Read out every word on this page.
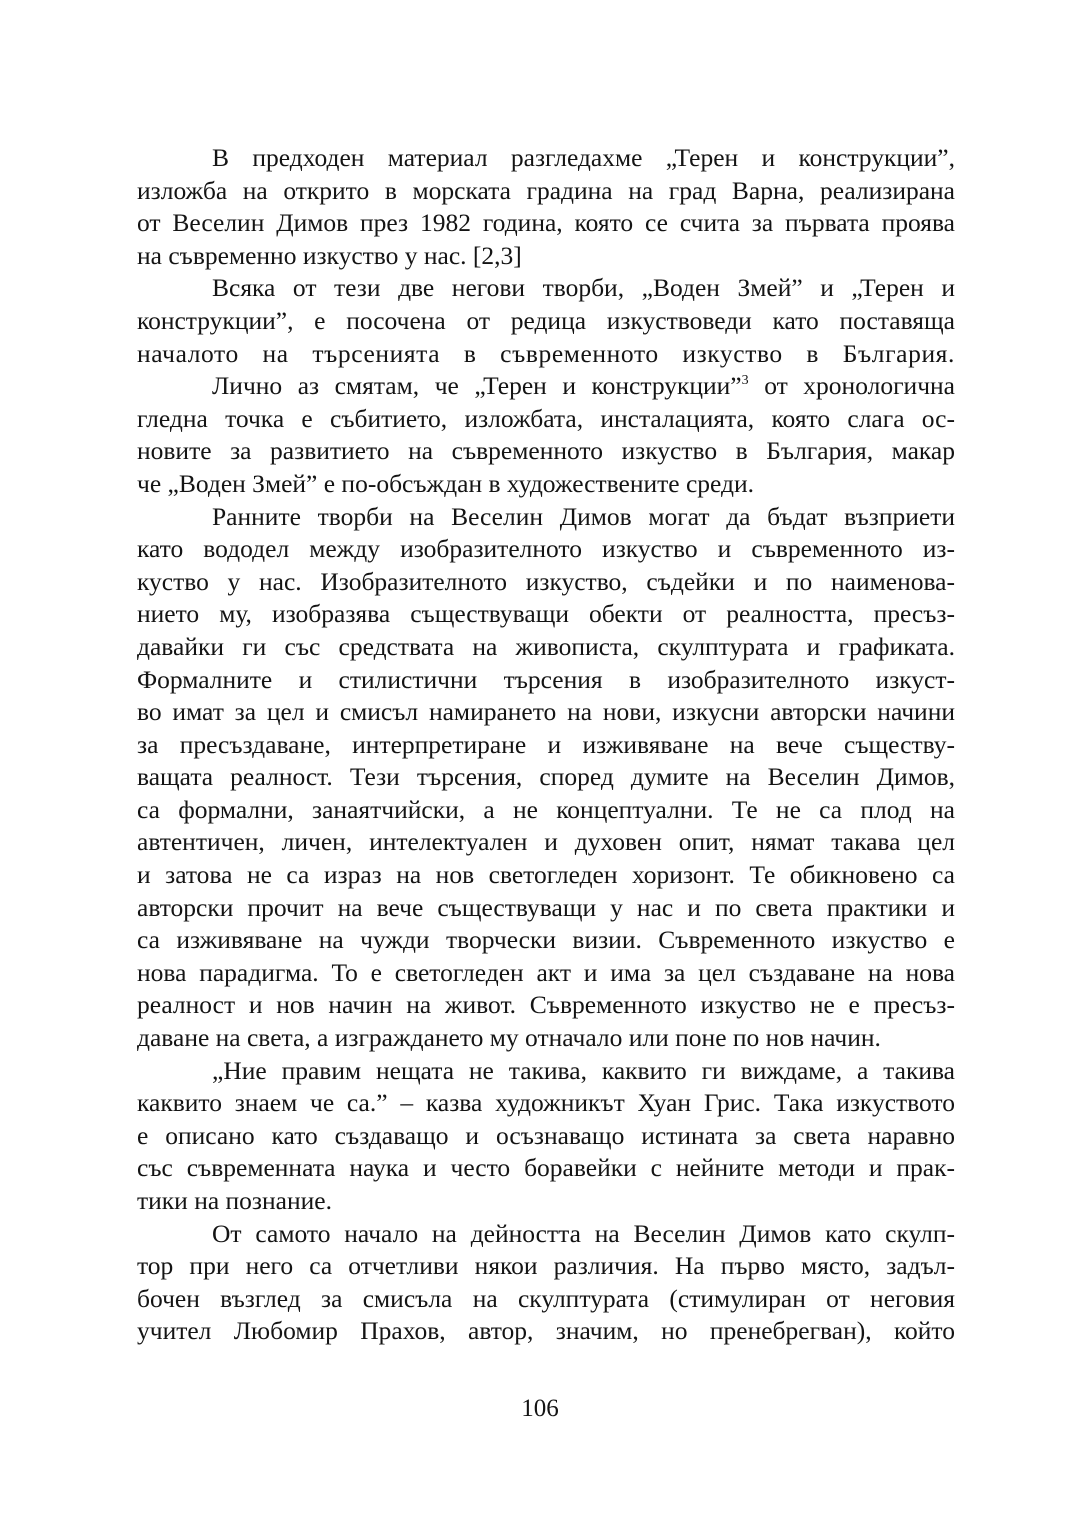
В предходен материал разгледахме „Терен и конструкции”,
изложба на открито в морската градина на град Варна, реализирана
от Веселин Димов през 1982 година, която се счита за първата проява
на съвременно изкуство у нас. [2,3]

Всяка от тези две негови творби, „Воден Змей” и „Терен и
конструкции”, е посочена от редица изкуствоведи като поставяща
началото на търсенията в съвременното изкуство в България.

Лично аз смятам, че „Терен и конструкции”$^3$ от хронологична
гледна точка е събитието, изложбата, инсталацията, която слага ос-
новите за развитието на съвременното изкуство в България, макар
че „Воден Змей” е по-обсъждан в художествените среди.

Ранните творби на Веселин Димов могат да бъдат възприети
като вододел между изобразителното изкуство и съвременното из-
куство у нас. Изобразителното изкуство, съдейки и по наименова-
нието му, изобразява съществуващи обекти от реалността, пресъз-
давайки ги със средствата на живописта, скулптурата и графиката.
Формалните и стилистични търсения в изобразителното изкуст-
во имат за цел и смисъл намирането на нови, изкусни авторски начини
за пресъздаване, интерпретиране и изживяване на вече съществу-
ващата реалност. Тези търсения, според думите на Веселин Димов,
са формални, занаятчийски, а не концептуални. Те не са плод на
автентичен, личен, интелектуален и духовен опит, нямат такава цел
и затова не са израз на нов светогледен хоризонт. Те обикновено са
авторски прочит на вече съществуващи у нас и по света практики и
са изживяване на чужди творчески визии. Съвременното изкуство е
нова парадигма. То е светогледен акт и има за цел създаване на нова
реалност и нов начин на живот. Съвременното изкуство не е пресъз-
даване на света, а изграждането му отначало или поне по нов начин.

„Ние правим нещата не такива, каквито ги виждаме, а такива
каквито знаем че са.” – казва художникът Хуан Грис. Така изкуството
е описано като създаващо и осъзнаващо истината за света наравно
със съвременната наука и често боравейки с нейните методи и прак-
тики на познание.

От самото начало на дейността на Веселин Димов като скулп-
тор при него са отчетливи някои различия. На първо място, задъл-
бочен възглед за смисъла на скулптурата (стимулиран от неговия
учител Любомир Прахов, автор, значим, но пренебрегван), който

106
